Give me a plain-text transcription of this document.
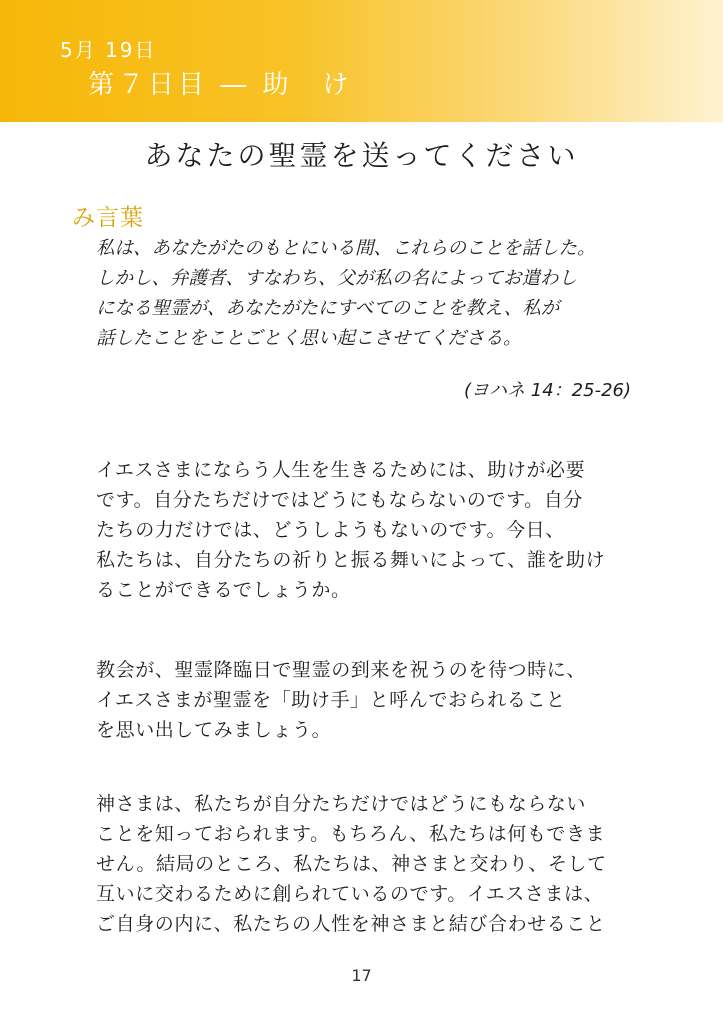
5月 19日
第７日目 ― 助　け
あなたの聖霊を送ってください
み言葉
私は、あなたがたのもとにいる間、これらのことを話した。
しかし、弁護者、すなわち、父が私の名によってお遣わし
になる聖霊が、あなたがたにすべてのことを教え、私が
話したことをことごとく思い起こさせてくださる。
(ヨハネ 14：25-26)
イエスさまにならう人生を生きるためには、助けが必要
です。自分たちだけではどうにもならないのです。自分
たちの力だけでは、どうしようもないのです。今日、
私たちは、自分たちの祈りと振る舞いによって、誰を助け
ることができるでしょうか。
教会が、聖霊降臨日で聖霊の到来を祝うのを待つ時に、
イエスさまが聖霊を「助け手」と呼んでおられること
を思い出してみましょう。
神さまは、私たちが自分たちだけではどうにもならない
ことを知っておられます。もちろん、私たちは何もできま
せん。結局のところ、私たちは、神さまと交わり、そして
互いに交わるために創られているのです。イエスさまは、
ご自身の内に、私たちの人性を神さまと結び合わせること
17
